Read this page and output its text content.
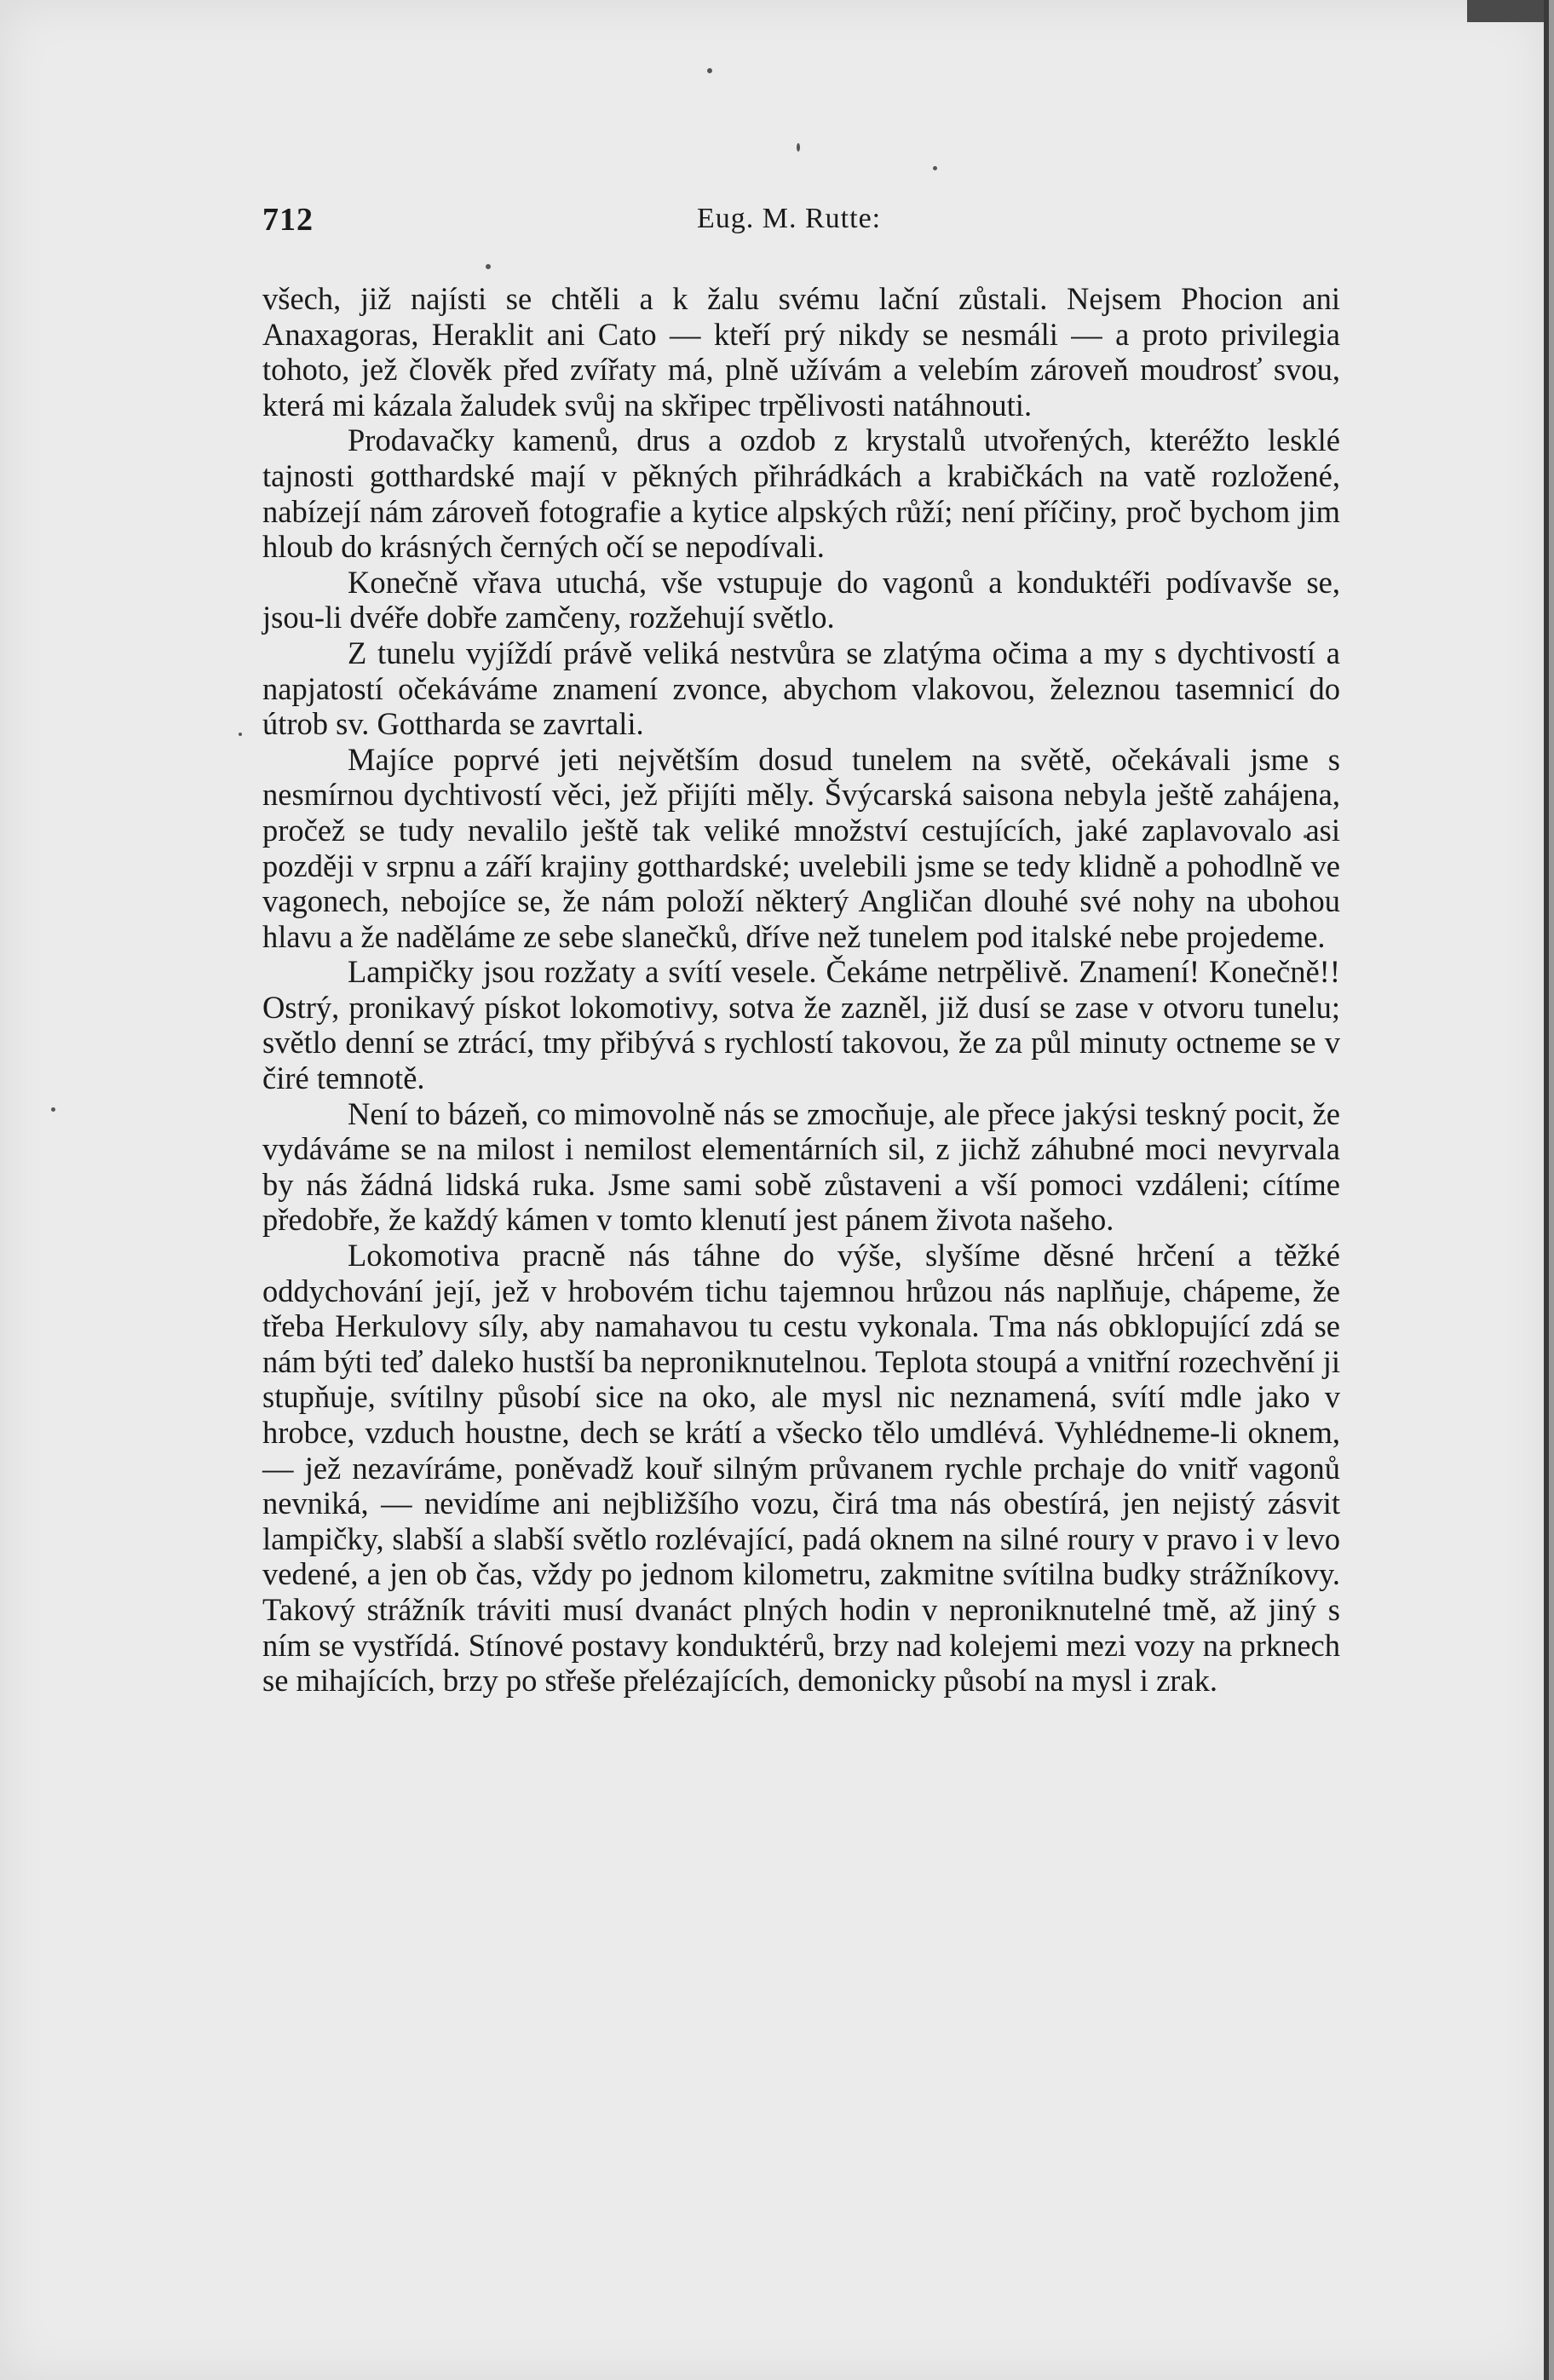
712	Eug. M. Rutte:

všech, již najísti se chtěli a k žalu svému lační zůstali. Nejsem Phocion ani Anaxagoras, Heraklit ani Cato — kteří prý nikdy se nesmáli — a proto privilegia tohoto, jež člověk před zvířaty má, plně užívám a velebím zároveň moudrosť svou, která mi kázala žaludek svůj na skřipec trpělivosti natáhnouti.

Prodavačky kamenů, drus a ozdob z krystalů utvořených, kteréžto lesklé tajnosti gotthardské mají v pěkných přihrádkách a krabičkách na vatě rozložené, nabízejí nám zároveň fotografie a kytice alpských růží; není příčiny, proč bychom jim hloub do krásných černých očí se nepodívali.

Konečně vřava utuchá, vše vstupuje do vagonů a konduktéři podívavše se, jsou-li dvéře dobře zamčeny, rozžehují světlo.

Z tunelu vyjíždí právě veliká nestvůra se zlatýma očima a my s dychtivostí a napjatostí očekáváme znamení zvonce, abychom vlakovou, železnou tasemnicí do útrob sv. Gottharda se zavrtali.

Majíce poprvé jeti největším dosud tunelem na světě, očekávali jsme s nesmírnou dychtivostí věci, jež přijíti měly. Švýcarská saisona nebyla ještě zahájena, pročež se tudy nevalilo ještě tak veliké množství cestujících, jaké zaplavovalo asi později v srpnu a září krajiny gotthardské; uvelebili jsme se tedy klidně a pohodlně ve vagonech, nebojíce se, že nám položí některý Angličan dlouhé své nohy na ubohou hlavu a že naděláme ze sebe slanečků, dříve než tunelem pod italské nebe projedeme.

Lampičky jsou rozžaty a svítí vesele. Čekáme netrpělivě. Znamení! Konečně!! Ostrý, pronikavý pískot lokomotivy, sotva že zazněl, již dusí se zase v otvoru tunelu; světlo denní se ztrácí, tmy přibývá s rychlostí takovou, že za půl minuty octneme se v čiré temnotě.

Není to bázeň, co mimovolně nás se zmocňuje, ale přece jakýsi teskný pocit, že vydáváme se na milost i nemilost elementárních sil, z jichž záhubné moci nevyrvala by nás žádná lidská ruka. Jsme sami sobě zůstaveni a vší pomoci vzdáleni; cítíme předobře, že každý kámen v tomto klenutí jest pánem života našeho.

Lokomotiva pracně nás táhne do výše, slyšíme děsné hrčení a těžké oddychování její, jež v hrobovém tichu tajemnou hrůzou nás naplňuje, chápeme, že třeba Herkulovy síly, aby namahavou tu cestu vykonala. Tma nás obklopující zdá se nám býti teď daleko hustší ba neproniknutelnou. Teplota stoupá a vnitřní rozechvění ji stupňuje, svítilny působí sice na oko, ale mysl nic neznamená, svítí mdle jako v hrobce, vzduch houstne, dech se krátí a všecko tělo umdlévá. Vyhlédneme-li oknem, — jež nezavíráme, poněvadž kouř silným průvanem rychle prchaje do vnitř vagonů nevniká, — nevidíme ani nejbližšího vozu, čirá tma nás obestírá, jen nejistý zásvit lampičky, slabší a slabší světlo rozlévající, padá oknem na silné roury v pravo i v levo vedené, a jen ob čas, vždy po jednom kilometru, zakmitne svítilna budky strážníkovy. Takový strážník tráviti musí dvanáct plných hodin v neproniknutelné tmě, až jiný s ním se vystřídá. Stínové postavy konduktérů, brzy nad kolejemi mezi vozy na prknech se mihajících, brzy po střeše přelézajících, demonicky působí na mysl i zrak.
